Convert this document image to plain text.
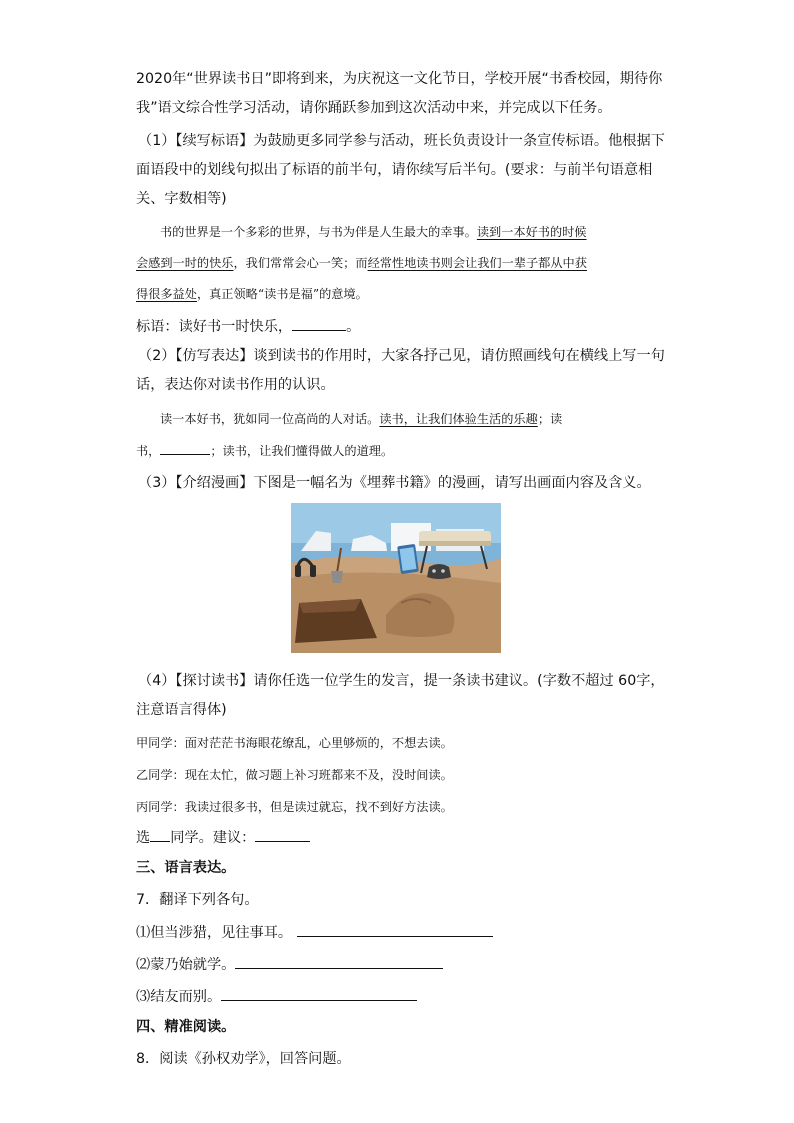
2020年“世界读书日”即将到来，为庆祝这一文化节日，学校开展“书香校园，期待你
我”语文综合性学习活动，请你踊跃参加到这次活动中来，并完成以下任务。
（1）【续写标语】为鼓励更多同学参与活动，班长负责设计一条宣传标语。他根据下
面语段中的划线句拟出了标语的前半句，请你续写后半句。(要求：与前半句语意相
关、字数相等)
书的世界是一个多彩的世界，与书为伴是人生最大的幸事。读到一本好书的时候
会感到一时的快乐，我们常常会心一笑；而经常性地读书则会让我们一辈子都从中获
得很多益处，真正领略“读书是福”的意境。
标语：读好书一时快乐，	。
（2）【仿写表达】谈到读书的作用时，大家各抒己见，请仿照画线句在横线上写一句
话，表达你对读书作用的认识。
读一本好书，犹如同一位高尚的人对话。读书，让我们体验生活的乐趣；读
书，	；读书，让我们懂得做人的道理。
（3）【介绍漫画】下图是一幅名为《埋葬书籍》的漫画，请写出画面内容及含义。
（4）【探讨读书】请你任选一位学生的发言，提一条读书建议。(字数不超过 60字，
注意语言得体)
甲同学：面对茫茫书海眼花缭乱，心里够烦的，不想去读。
乙同学：现在太忙，做习题上补习班都来不及，没时间读。
丙同学：我读过很多书，但是读过就忘，找不到好方法读。
选 同学。建议：
三、语言表达。
7．翻译下列各句。
⑴但当涉猎，见往事耳。
⑵蒙乃始就学。
⑶结友而别。
四、精准阅读。
8．阅读《孙权劝学》，回答问题。
